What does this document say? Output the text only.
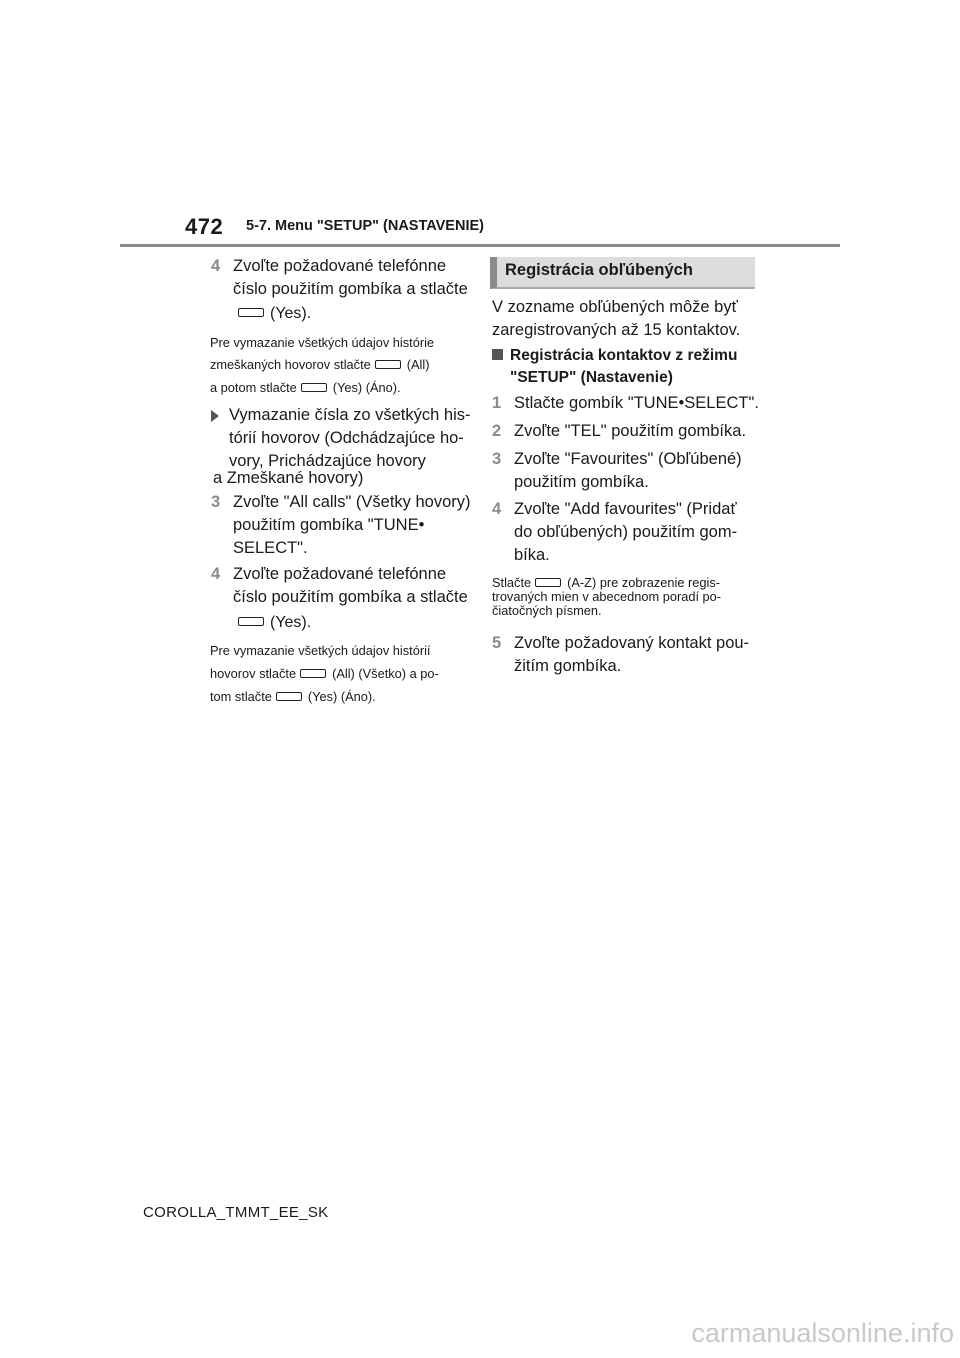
472 5-7. Menu "SETUP" (NASTAVENIE)
4 Zvoľte požadované telefónne
číslo použitím gombíka a stlačte
(Yes).
Pre vymazanie všetkých údajov histórie
zmeškaných hovorov stlačte	(All)
a potom stlačte	(Yes) (Áno).
Vymazanie čísla zo všetkých his-
tórií hovorov (Odchádzajúce ho-
vory, Prichádzajúce hovory
a Zmeškané hovory)
3 Zvoľte "All calls" (Všetky hovory)
použitím gombíka "TUNE•
SELECT".
4 Zvoľte požadované telefónne
číslo použitím gombíka a stlačte
(Yes).
Pre vymazanie všetkých údajov histórií
hovorov stlačte	(All) (Všetko) a po-
tom stlačte	(Yes) (Áno).
Registrácia obľúbených
V zozname obľúbených môže byť
zaregistrovaných až 15 kontaktov.
Registrácia kontaktov z režimu
"SETUP" (Nastavenie)
1 Stlačte gombík "TUNE•SELECT".
2 Zvoľte "TEL" použitím gombíka.
3 Zvoľte "Favourites" (Obľúbené)
použitím gombíka.
4 Zvoľte "Add favourites" (Pridať
do obľúbených) použitím gom-
bíka.
Stlačte	(A-Z) pre zobrazenie regis-
trovaných mien v abecednom poradí po-
čiatočných písmen.
5 Zvoľte požadovaný kontakt pou-
žitím gombíka.
COROLLA_TMMT_EE_SK
carmanualsonline.info
